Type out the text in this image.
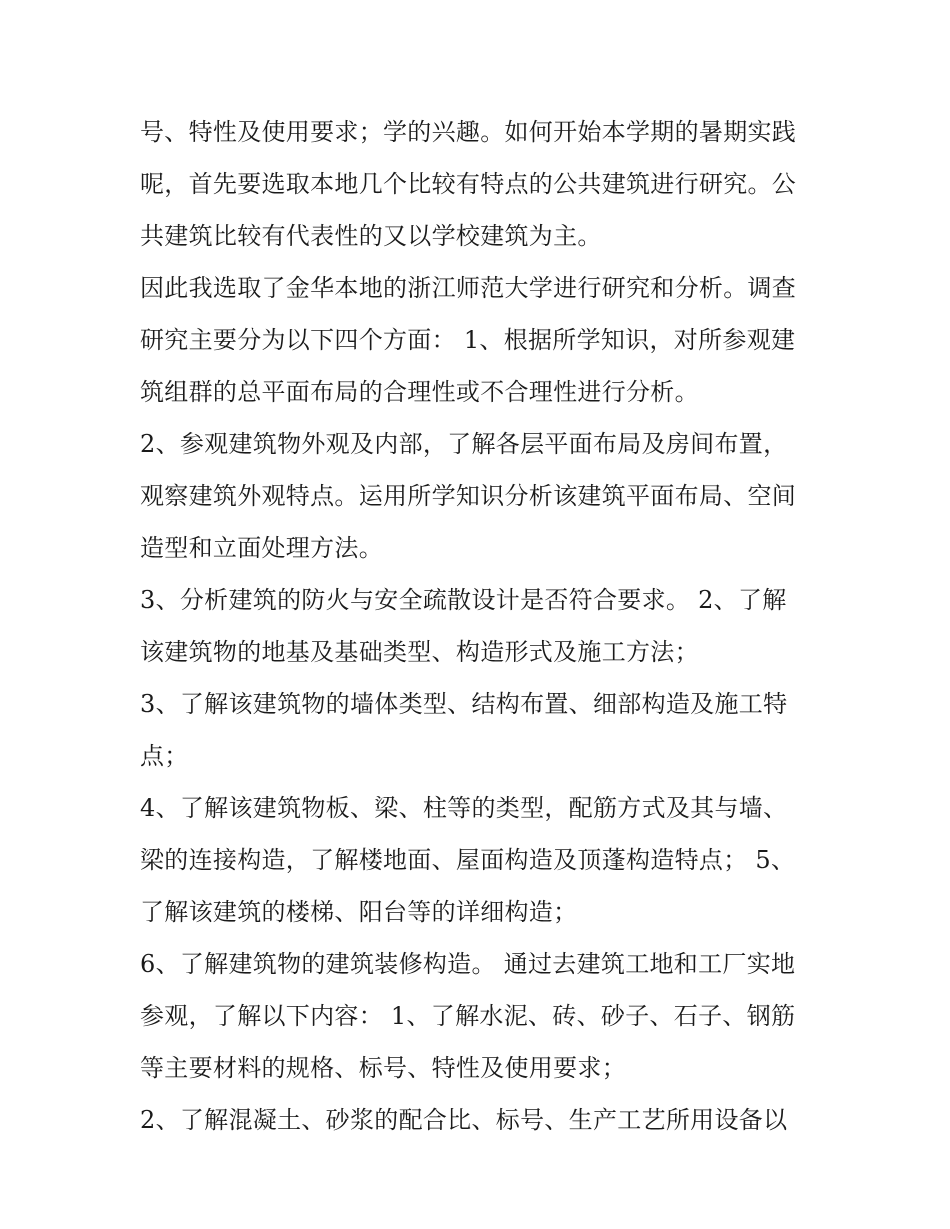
号、特性及使用要求；学的兴趣。如何开始本学期的暑期实践
呢，首先要选取本地几个比较有特点的公共建筑进行研究。公
共建筑比较有代表性的又以学校建筑为主。
因此我选取了金华本地的浙江师范大学进行研究和分析。调查
研究主要分为以下四个方面： 1、根据所学知识，对所参观建
筑组群的总平面布局的合理性或不合理性进行分析。
2、参观建筑物外观及内部，了解各层平面布局及房间布置，
观察建筑外观特点。运用所学知识分析该建筑平面布局、空间
造型和立面处理方法。
3、分析建筑的防火与安全疏散设计是否符合要求。 2、了解
该建筑物的地基及基础类型、构造形式及施工方法；
3、了解该建筑物的墙体类型、结构布置、细部构造及施工特
点；
4、了解该建筑物板、梁、柱等的类型，配筋方式及其与墙、
梁的连接构造，了解楼地面、屋面构造及顶蓬构造特点； 5、
了解该建筑的楼梯、阳台等的详细构造；
6、了解建筑物的建筑装修构造。 通过去建筑工地和工厂实地
参观，了解以下内容： 1、了解水泥、砖、砂子、石子、钢筋
等主要材料的规格、标号、特性及使用要求；
2、了解混凝土、砂浆的配合比、标号、生产工艺所用设备以
